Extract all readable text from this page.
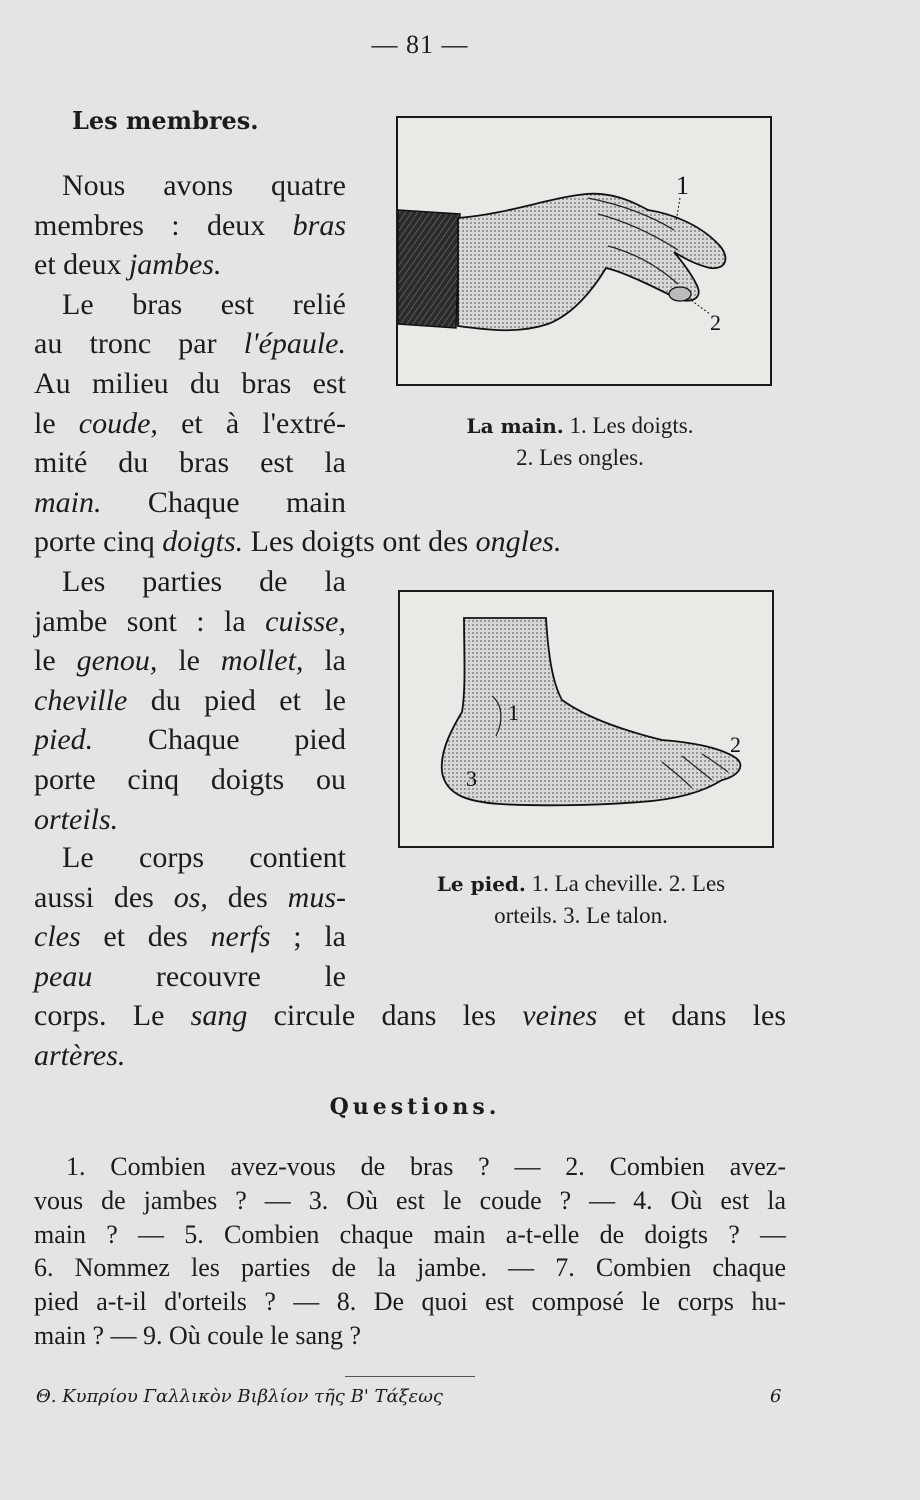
— 81 —
Les membres.
Nous avons quatre
membres : deux bras
et deux jambes.
Le bras est relié
au tronc par l'épaule.
Au milieu du bras est
le coude, et à l'extré-
mité du bras est la
main. Chaque main
porte cinq doigts. Les doigts ont des ongles.
Les parties de la
jambe sont : la cuisse,
le genou, le mollet, la
cheville du pied et le
pied. Chaque pied
porte cinq doigts ou
orteils.
Le corps contient
aussi des os, des mus-
cles et des nerfs ; la
peau recouvre le
corps. Le sang circule dans les veines et dans les
artères.
1
2
La main. 1. Les doigts.
2. Les ongles.
1
2
3
Le pied. 1. La cheville. 2. Les
orteils. 3. Le talon.
Questions.
1. Combien avez-vous de bras ? — 2. Combien avez-
vous de jambes ? — 3. Où est le coude ? — 4. Où est la
main ? — 5. Combien chaque main a-t-elle de doigts ? —
6. Nommez les parties de la jambe. — 7. Combien chaque
pied a-t-il d'orteils ? — 8. De quoi est composé le corps hu-
main ? — 9. Où coule le sang ?
Θ. Κυπρίου Γαλλικὸν Βιβλίον τῆς Β' Τάξεως	6
